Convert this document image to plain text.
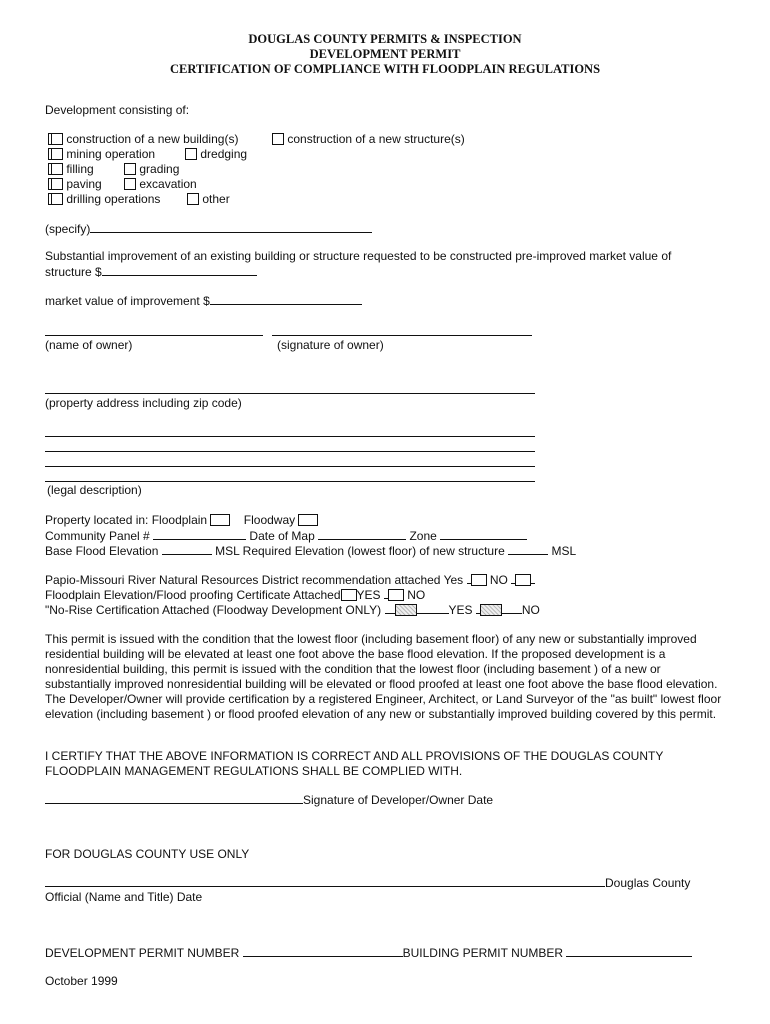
DOUGLAS COUNTY PERMITS & INSPECTION
DEVELOPMENT PERMIT
CERTIFICATION OF COMPLIANCE WITH FLOODPLAIN REGULATIONS
Development consisting of:
construction of a new building(s)	construction of a new structure(s)
mining operation	dredging
filling	grading
paving	excavation
drilling operations	other
(specify)
Substantial improvement of an existing building or structure requested to be constructed pre-improved market value of
structure $
market value of improvement $
(name of owner)	(signature of owner)
(property address including zip code)
(legal description)
Property located in: Floodplain	Floodway
Community Panel #	Date of Map	Zone
Base Flood Elevation	MSL Required Elevation (lowest floor) of new structure	MSL
Papio-Missouri River Natural Resources District recommendation attached Yes NO
Floodplain Elevation/Flood proofing Certificate Attached YES NO
"No-Rise Certification Attached (Floodway Development ONLY)	YES	NO
This permit is issued with the condition that the lowest floor (including basement floor) of any new or substantially improved residential building will be elevated at least one foot above the base flood elevation. If the proposed development is a nonresidential building, this permit is issued with the condition that the lowest floor (including basement ) of a new or substantially improved nonresidential building will be elevated or flood proofed at least one foot above the base flood elevation. The Developer/Owner will provide certification by a registered Engineer, Architect, or Land Surveyor of the "as built" lowest floor elevation (including basement ) or flood proofed elevation of any new or substantially improved building covered by this permit.
I CERTIFY THAT THE ABOVE INFORMATION IS CORRECT AND ALL PROVISIONS OF THE DOUGLAS COUNTY FLOODPLAIN MANAGEMENT REGULATIONS SHALL BE COMPLIED WITH.
Signature of Developer/Owner Date
FOR DOUGLAS COUNTY USE ONLY
Douglas County
Official (Name and Title) Date
DEVELOPMENT PERMIT NUMBER	BUILDING PERMIT NUMBER
October 1999
